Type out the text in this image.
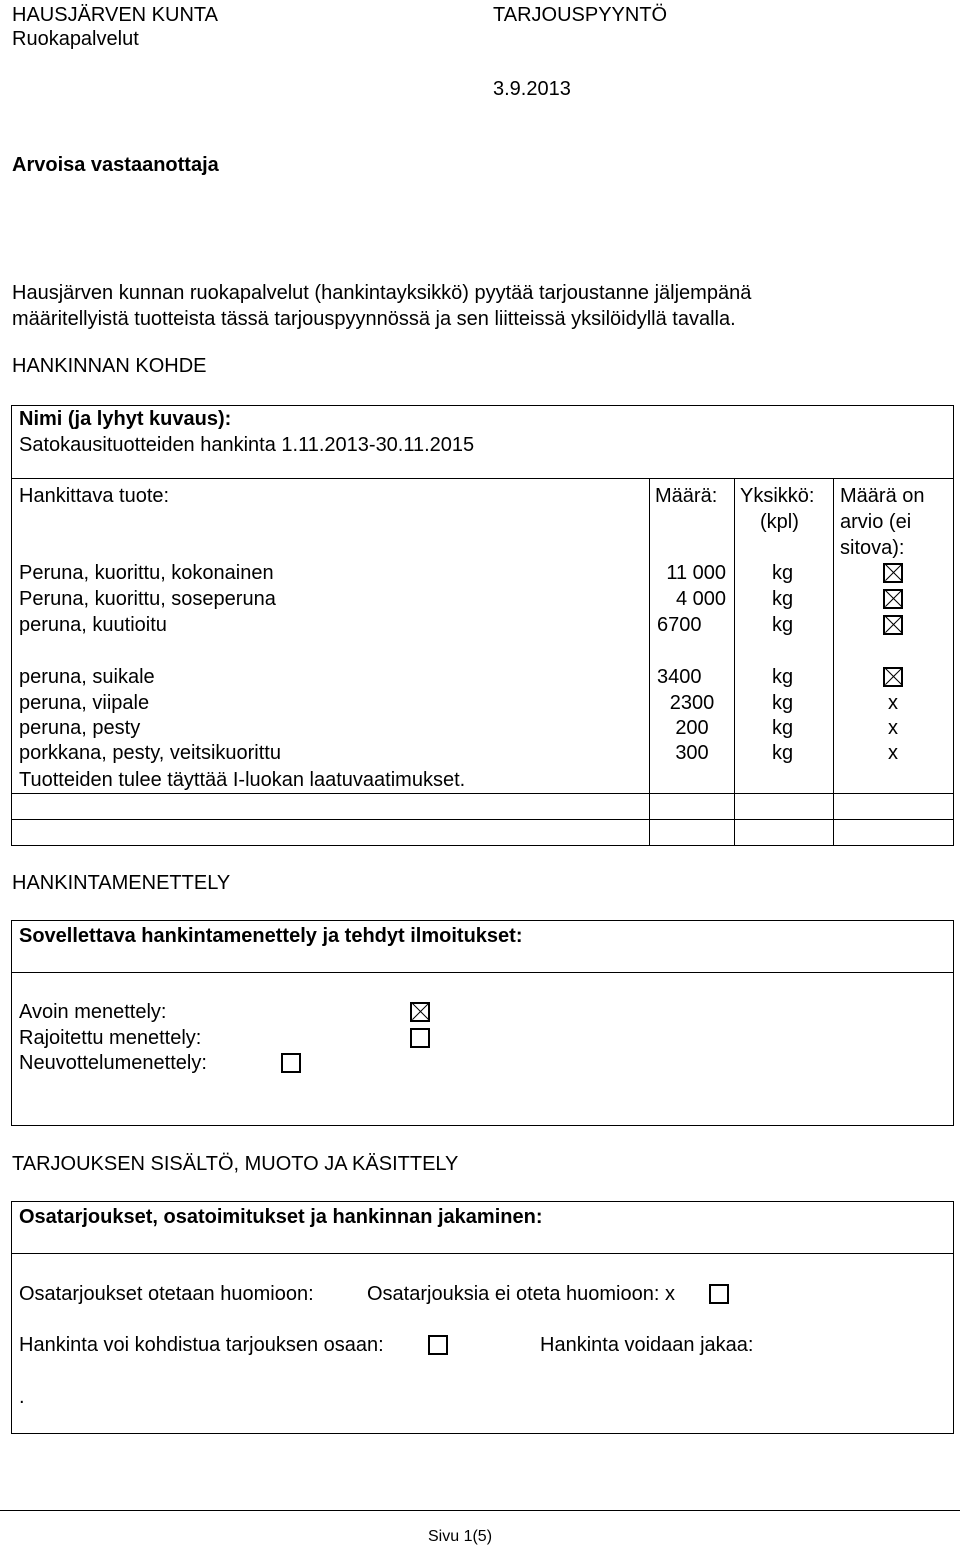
HAUSJÄRVEN KUNTA
Ruokapalvelut
TARJOUSPYYNTÖ
3.9.2013
Arvoisa vastaanottaja
Hausjärven kunnan ruokapalvelut (hankintayksikkö) pyytää tarjoustanne jäljempänä
määritellyistä tuotteista tässä tarjouspyynnössä ja sen liitteissä yksilöidyllä tavalla.
HANKINNAN KOHDE
Nimi (ja lyhyt kuvaus):
Satokausituotteiden hankinta 1.11.2013-30.11.2015
Hankittava tuote:	Määrä: Yksikkö:
(kpl)
Määrä on
arvio (ei
sitova):
Peruna, kuorittu, kokonainen	11 000 kg
Peruna, kuorittu, soseperuna	4 000 kg
peruna, kuutioitu	6700	kg
peruna, suikale	3400	kg
peruna, viipale	2300	kg	x
peruna, pesty	200	kg	x
porkkana, pesty, veitsikuorittu	300	kg	x
Tuotteiden tulee täyttää I-luokan laatuvaatimukset.
HANKINTAMENETTELY
Sovellettava hankintamenettely ja tehdyt ilmoitukset:
Avoin menettely:
Rajoitettu menettely:
Neuvottelumenettely:
TARJOUKSEN SISÄLTÖ, MUOTO JA KÄSITTELY
Osatarjoukset, osatoimitukset ja hankinnan jakaminen:
Osatarjoukset otetaan huomioon:	Osatarjouksia ei oteta huomioon: x
Hankinta voi kohdistua tarjouksen osaan:	Hankinta voidaan jakaa:
.
Sivu 1(5)
